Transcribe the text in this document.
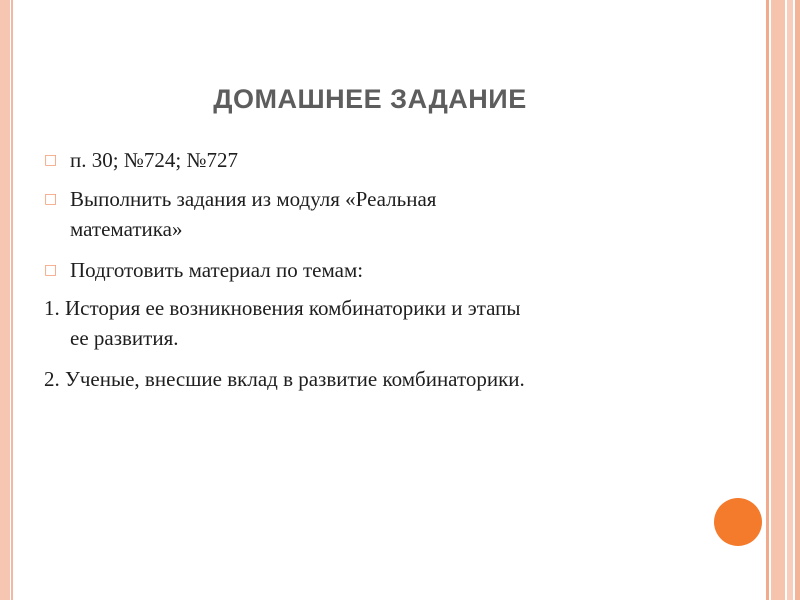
ДОМАШНЕЕ ЗАДАНИЕ
□ п. 30; №724; №727
□ Выполнить задания из модуля «Реальная
математика»
□ Подготовить материал по темам:
1. История ее возникновения комбинаторики и этапы
ее развития.
2. Ученые, внесшие вклад в развитие комбинаторики.
